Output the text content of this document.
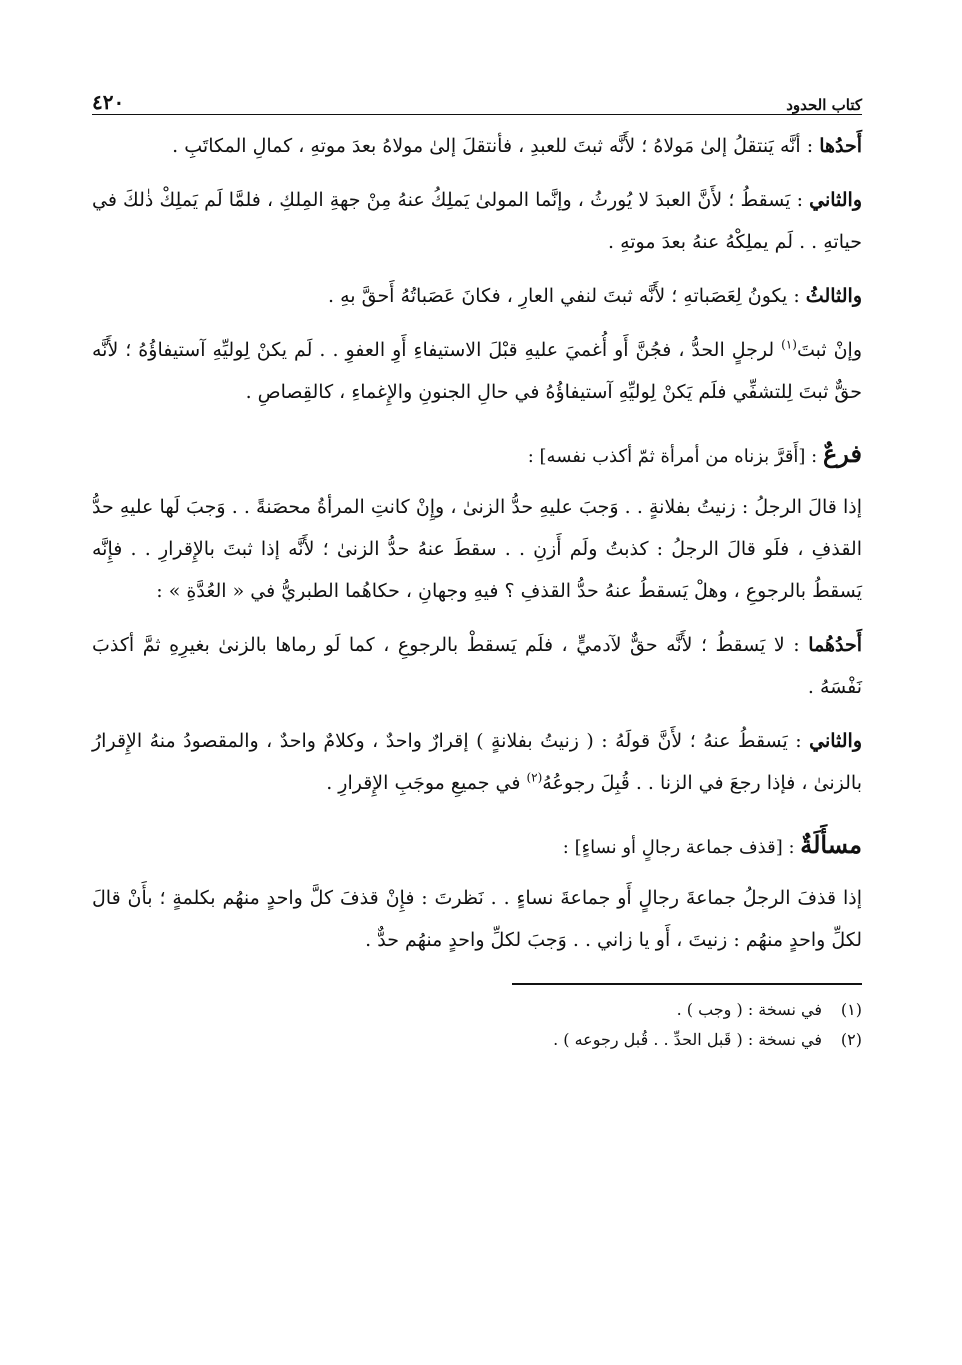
كتاب الحدود
٤٢٠

أَحدُها : أنَّه يَنتقلُ إلىٰ مَولاهُ ؛ لأَنَّه ثبتَ للعبدِ ، فأنتقلَ إلىٰ مولاهُ بعدَ موتهِ ، كمالِ المكاتَبِ .

والثاني : يَسقطُ ؛ لأَنَّ العبدَ لا يُورثُ ، وإنَّما المولىٰ يَملِكُ عنهُ مِنْ جهةِ المِلكِ ، فلمَّا لَم يَملِكْ ذٰلكَ في حياتهِ . . لَم يملِكْهُ عنهُ بعدَ موتهِ .

والثالثُ : يكونُ لِعَصَباتهِ ؛ لأَنَّه ثبتَ لنفي العارِ ، فكانَ عَصَباتُهُ أَحقَّ بهِ .

وإنْ ثبتَ$^{(١)}$ لرجلٍ الحدُّ ، فجُنَّ أَو أُغميَ عليهِ قبْلَ الاستيفاءِ أَوِ العفوِ . . لَم يكنْ لِوليِّهِ آستيفاؤُهُ ؛ لأَنَّه حقٌّ ثبتَ لِلتشفِّي فلَم يَكنْ لِوليِّهِ آستيفاؤُهُ في حالِ الجنونِ والإِغماءِ ، كالقِصاصِ .

فرعٌ : [أَقرَّ بزناه من أمرأة ثمّ أكذب نفسه] :

إذا قالَ الرجلُ : زنيتُ بفلانةٍ . . وَجبَ عليهِ حدُّ الزنىٰ ، وإِنْ كانتِ المرأةُ محصَنةً . . وَجبَ لَها عليهِ حدُّ القذفِ ، فلَو قالَ الرجلُ : كذبتُ ولَم أَزنِ . . سقطَ عنهُ حدُّ الزنىٰ ؛ لأَنَّه إذا ثبتَ بالإِقرارِ . . فإِنَّه يَسقطُ بالرجوعِ ، وهلْ يَسقطُ عنهُ حدُّ القذفِ ؟ فيهِ وجهانِ ، حكاهُما الطبريُّ في « العُدَّةِ » :

أَحدُهُما : لا يَسقطُ ؛ لأَنَّه حقٌّ لآدميٍّ ، فلَم يَسقطْ بالرجوعِ ، كما لَو رماها بالزنىٰ بغيرِهِ ثمَّ أكذبَ نَفْسَهُ .

والثاني : يَسقطُ عنهُ ؛ لأَنَّ قولَهُ : ( زنيتُ بفلانةٍ ) إقرارٌ واحدٌ ، وكلامٌ واحدٌ ، والمقصودُ منهُ الإِقرارُ بالزنىٰ ، فإذا رجعَ في الزنا . . قُبِلَ رجوعُهُ$^{(٢)}$ في جميعِ موجَبِ الإِقرارِ .

مسأَلَةٌ : [قذف جماعة رجالٍ أو نساءٍ] :

إذا قذفَ الرجلُ جماعةَ رجالٍ أَو جماعةَ نساءٍ . . نَظرتَ : فإِنْ قذفَ كلَّ واحدٍ منهُم بكلمةٍ ؛ بأَنْ قالَ لكلِّ واحدٍ منهُم : زنيتَ ، أَو يا زاني . . وَجبَ لكلِّ واحدٍ منهُم حدٌّ .

(١)في نسخة : ( وجب ) .
(٢)في نسخة : ( قَبل الحدِّ . . قُبل رجوعه ) .
